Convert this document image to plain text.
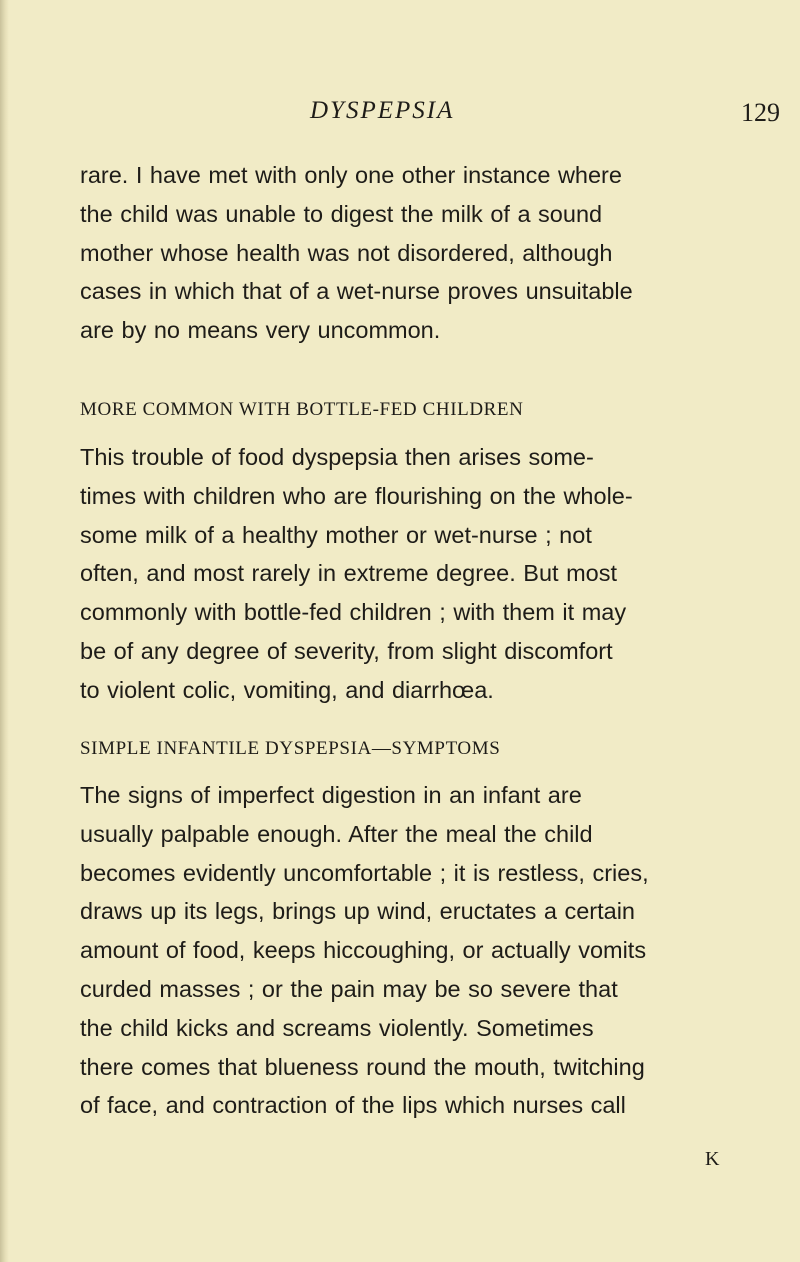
DYSPEPSIA	129
rare. I have met with only one other instance where
the child was unable to digest the milk of a sound
mother whose health was not disordered, although
cases in which that of a wet-nurse proves unsuitable
are by no means very uncommon.
MORE COMMON WITH BOTTLE-FED CHILDREN
This trouble of food dyspepsia then arises some-
times with children who are flourishing on the whole-
some milk of a healthy mother or wet-nurse ; not
often, and most rarely in extreme degree. But most
commonly with bottle-fed children ; with them it may
be of any degree of severity, from slight discomfort
to violent colic, vomiting, and diarrhœa.
SIMPLE INFANTILE DYSPEPSIA—SYMPTOMS
The signs of imperfect digestion in an infant are
usually palpable enough. After the meal the child
becomes evidently uncomfortable ; it is restless, cries,
draws up its legs, brings up wind, eructates a certain
amount of food, keeps hiccoughing, or actually vomits
curded masses ; or the pain may be so severe that
the child kicks and screams violently. Sometimes
there comes that blueness round the mouth, twitching
of face, and contraction of the lips which nurses call
K
